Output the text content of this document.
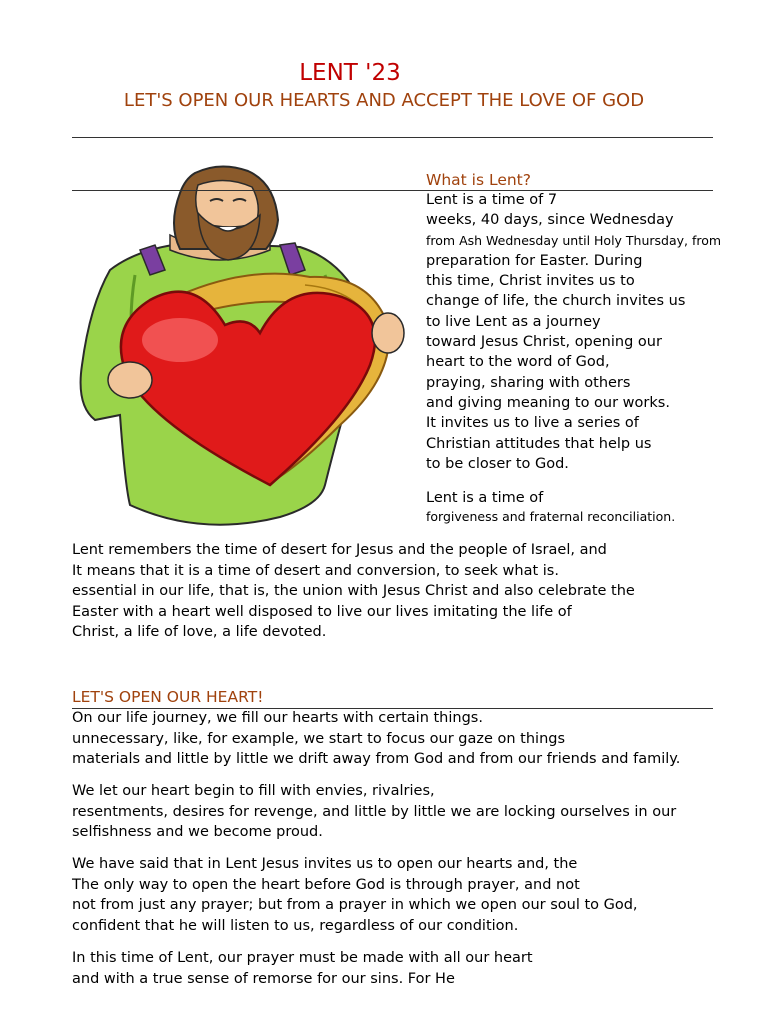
LENT '23
LET'S OPEN OUR HEARTS AND ACCEPT THE LOVE OF GOD
What is Lent?
Lent is a time of 7
weeks, 40 days, since Wednesday
from Ash Wednesday until Holy Thursday, from
preparation for Easter. During
this time, Christ invites us to
change of life, the church invites us
to live Lent as a journey
toward Jesus Christ, opening our
heart to the word of God,
praying, sharing with others
and giving meaning to our works.
It invites us to live a series of
Christian attitudes that help us
to be closer to God.
Lent is a time of
forgiveness and fraternal reconciliation.
Lent remembers the time of desert for Jesus and the people of Israel, and
It means that it is a time of desert and conversion, to seek what is.
essential in our life, that is, the union with Jesus Christ and also celebrate the
Easter with a heart well disposed to live our lives imitating the life of
Christ, a life of love, a life devoted.
LET'S OPEN OUR HEART!
On our life journey, we fill our hearts with certain things.
unnecessary, like, for example, we start to focus our gaze on things
materials and little by little we drift away from God and from our friends and family.
We let our heart begin to fill with envies, rivalries,
resentments, desires for revenge, and little by little we are locking ourselves in our
selfishness and we become proud.
We have said that in Lent Jesus invites us to open our hearts and, the
The only way to open the heart before God is through prayer, and not
not from just any prayer; but from a prayer in which we open our soul to God,
confident that he will listen to us, regardless of our condition.
In this time of Lent, our prayer must be made with all our heart
and with a true sense of remorse for our sins. For He
